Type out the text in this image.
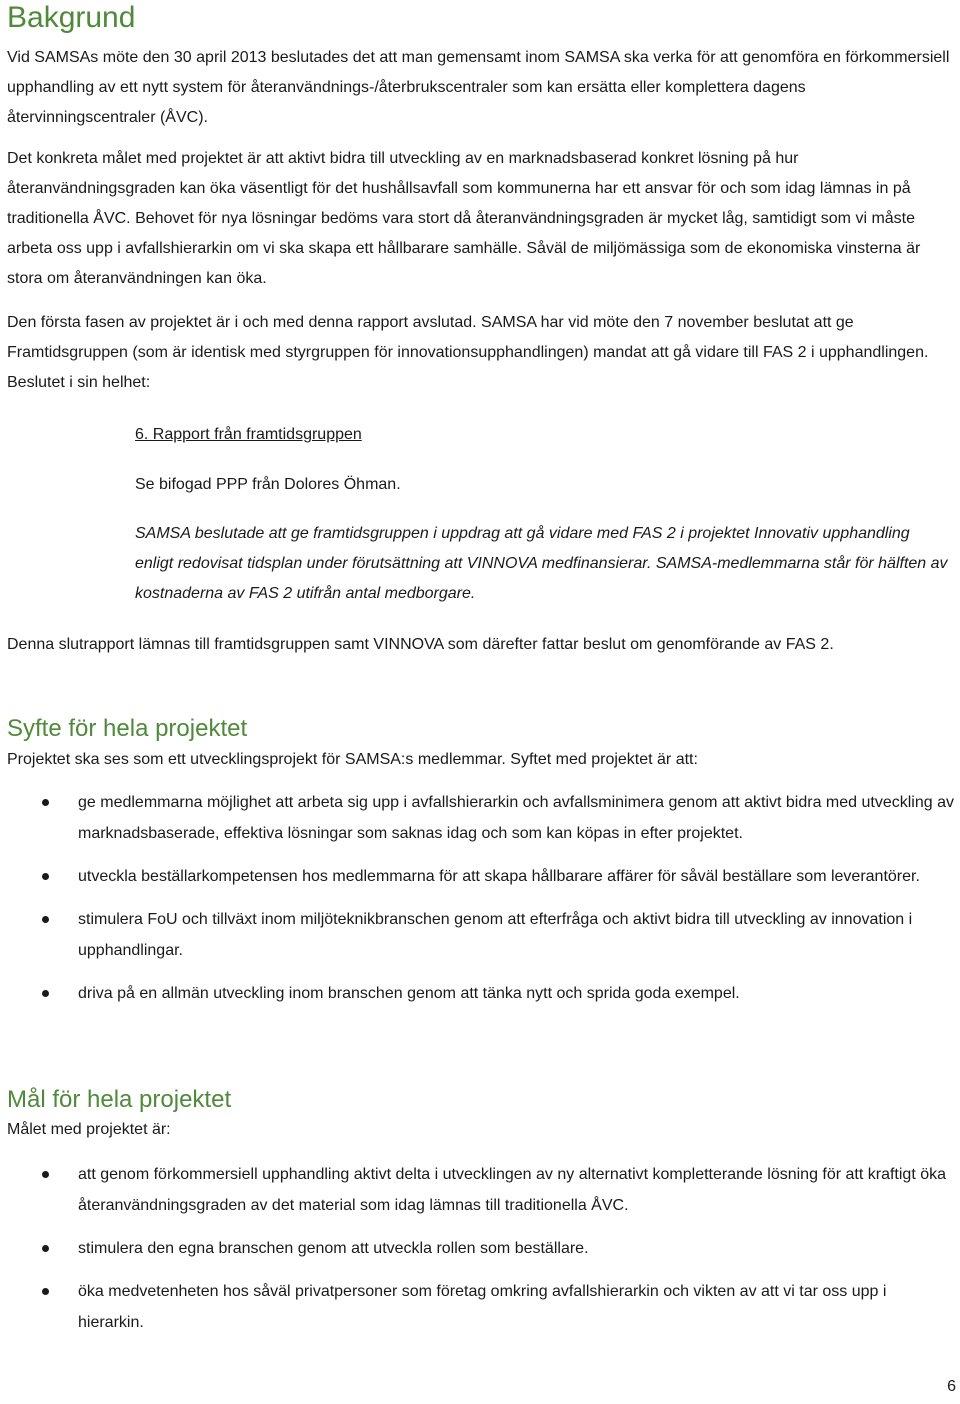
Bakgrund

Vid SAMSAs möte den 30 april 2013 beslutades det att man gemensamt inom SAMSA ska verka för att genomföra en förkommersiell upphandling av ett nytt system för återanvändnings-/återbrukscentraler som kan ersätta eller komplettera dagens återvinningscentraler (ÅVC).

Det konkreta målet med projektet är att aktivt bidra till utveckling av en marknadsbaserad konkret lösning på hur återanvändningsgraden kan öka väsentligt för det hushållsavfall som kommunerna har ett ansvar för och som idag lämnas in på traditionella ÅVC. Behovet för nya lösningar bedöms vara stort då återanvändningsgraden är mycket låg, samtidigt som vi måste arbeta oss upp i avfallshierarkin om vi ska skapa ett hållbarare samhälle. Såväl de miljömässiga som de ekonomiska vinsterna är stora om återanvändningen kan öka.

Den första fasen av projektet är i och med denna rapport avslutad. SAMSA har vid möte den 7 november beslutat att ge Framtidsgruppen (som är identisk med styrgruppen för innovationsupphandlingen) mandat att gå vidare till FAS 2 i upphandlingen. Beslutet i sin helhet:

6. Rapport från framtidsgruppen

Se bifogad PPP från Dolores Öhman.

SAMSA beslutade att ge framtidsgruppen i uppdrag att gå vidare med FAS 2 i projektet Innovativ upphandling enligt redovisat tidsplan under förutsättning att VINNOVA medfinansierar. SAMSA-medlemmarna står för hälften av kostnaderna av FAS 2 utifrån antal medborgare.

Denna slutrapport lämnas till framtidsgruppen samt VINNOVA som därefter fattar beslut om genomförande av FAS 2.

Syfte för hela projektet

Projektet ska ses som ett utvecklingsprojekt för SAMSA:s medlemmar. Syftet med projektet är att:

ge medlemmarna möjlighet att arbeta sig upp i avfallshierarkin och avfallsminimera genom att aktivt bidra med utveckling av marknadsbaserade, effektiva lösningar som saknas idag och som kan köpas in efter projektet.
utveckla beställarkompetensen hos medlemmarna för att skapa hållbarare affärer för såväl beställare som leverantörer.
stimulera FoU och tillväxt inom miljöteknikbranschen genom att efterfråga och aktivt bidra till utveckling av innovation i upphandlingar.
driva på en allmän utveckling inom branschen genom att tänka nytt och sprida goda exempel.
Mål för hela projektet

Målet med projektet är:

att genom förkommersiell upphandling aktivt delta i utvecklingen av ny alternativt kompletterande lösning för att kraftigt öka återanvändningsgraden av det material som idag lämnas till traditionella ÅVC.
stimulera den egna branschen genom att utveckla rollen som beställare.
öka medvetenheten hos såväl privatpersoner som företag omkring avfallshierarkin och vikten av att vi tar oss upp i hierarkin.
6
